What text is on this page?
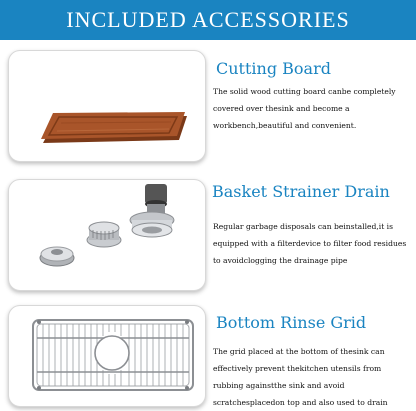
INCLUDED ACCESSORIES
Cutting Board
The solid wood cutting board canbe completely covered over thesink and become a workbench,beautiful and convenient.
Basket Strainer Drain
Regular garbage disposals can beinstalled,it is equipped with a filterdevice to filter food residues to avoidclogging the drainage pipe
Bottom Rinse Grid
The grid placed at the bottom of thesink can effectively prevent thekitchen utensils from rubbing againstthe sink and avoid scratchesplacedon top and also used to drain
